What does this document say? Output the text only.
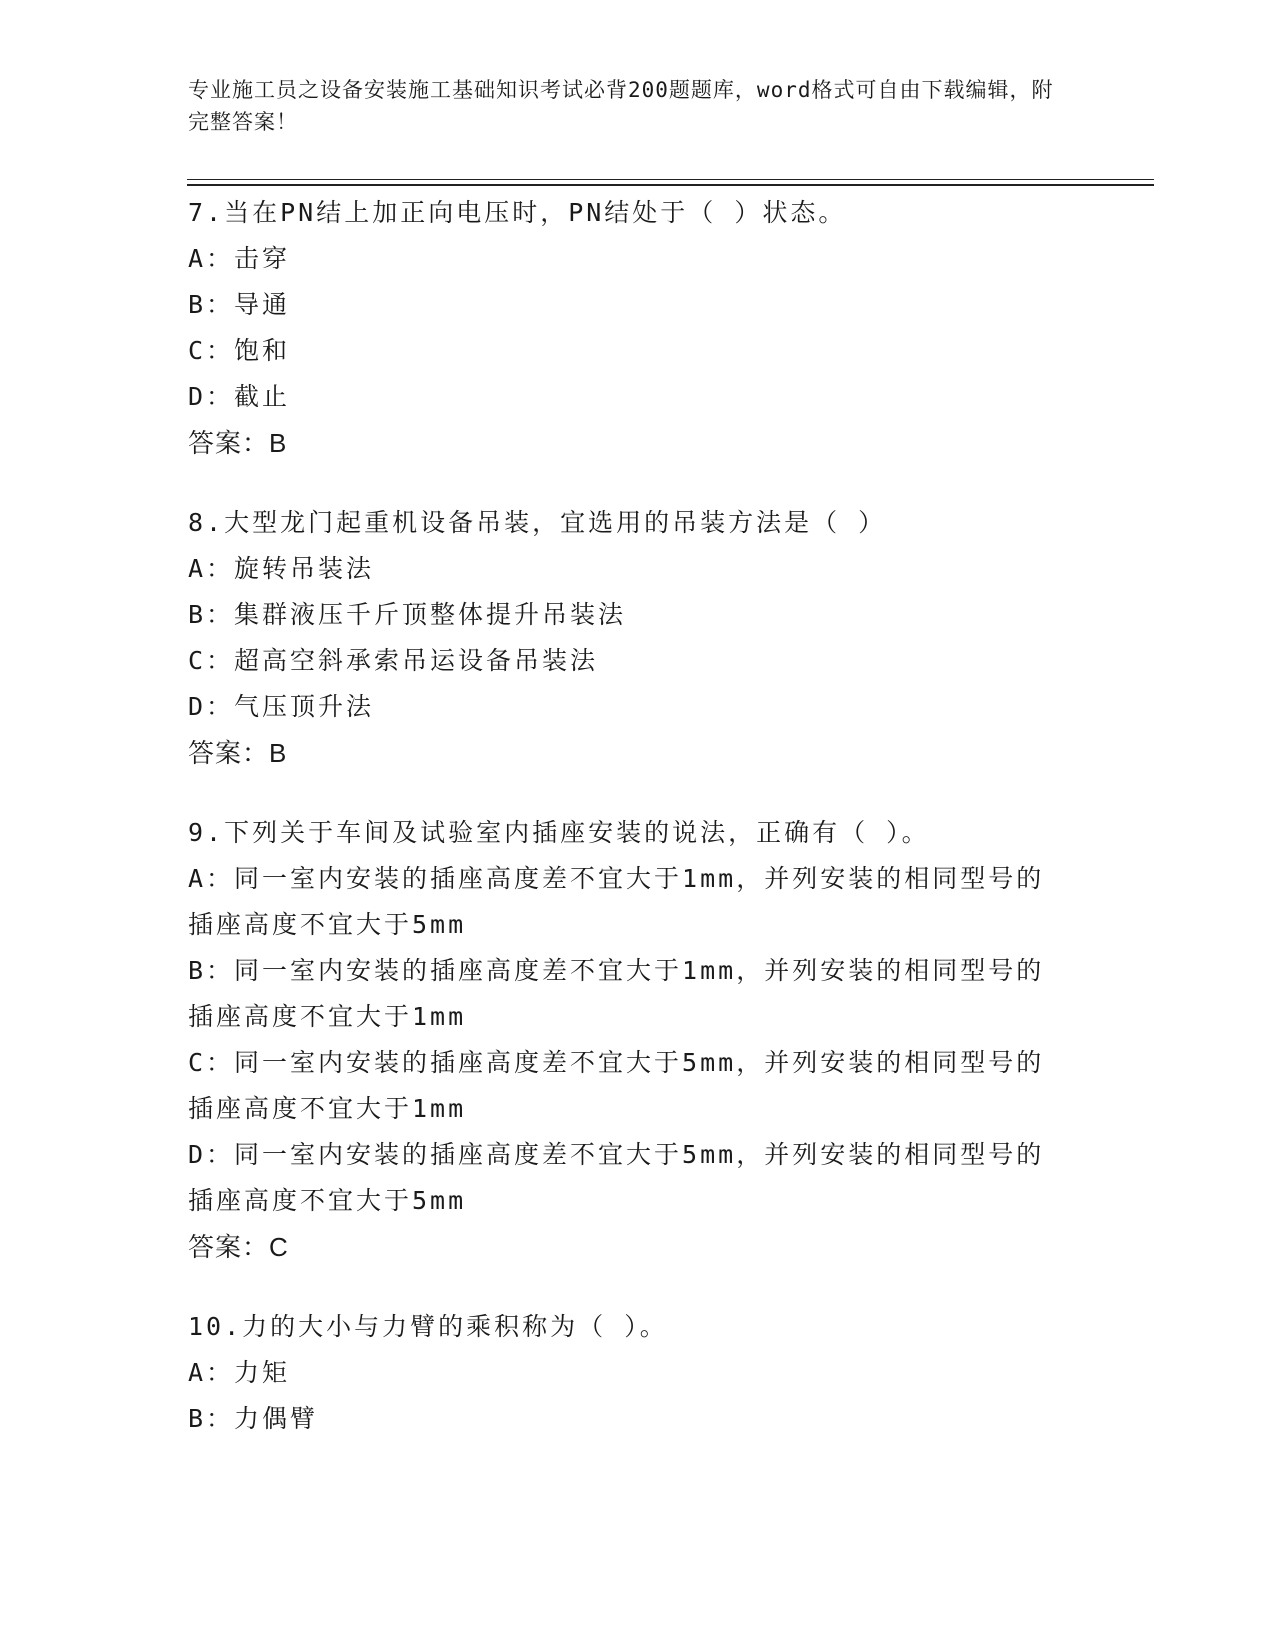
专业施工员之设备安装施工基础知识考试必背200题题库，word格式可自由下载编辑，附完整答案！

7.当在PN结上加正向电压时，PN结处于（ ）状态。

A：击穿

B：导通

C：饱和

D：截止

答案：B

8.大型龙门起重机设备吊装，宜选用的吊装方法是（ ）

A：旋转吊装法

B：集群液压千斤顶整体提升吊装法

C：超高空斜承索吊运设备吊装法

D：气压顶升法

答案：B

9.下列关于车间及试验室内插座安装的说法，正确有（ ）。

A：同一室内安装的插座高度差不宜大于1mm，并列安装的相同型号的插座高度不宜大于5mm

B：同一室内安装的插座高度差不宜大于1mm，并列安装的相同型号的插座高度不宜大于1mm

C：同一室内安装的插座高度差不宜大于5mm，并列安装的相同型号的插座高度不宜大于1mm

D：同一室内安装的插座高度差不宜大于5mm，并列安装的相同型号的插座高度不宜大于5mm

答案：C

10.力的大小与力臂的乘积称为（ ）。

A：力矩

B：力偶臂
